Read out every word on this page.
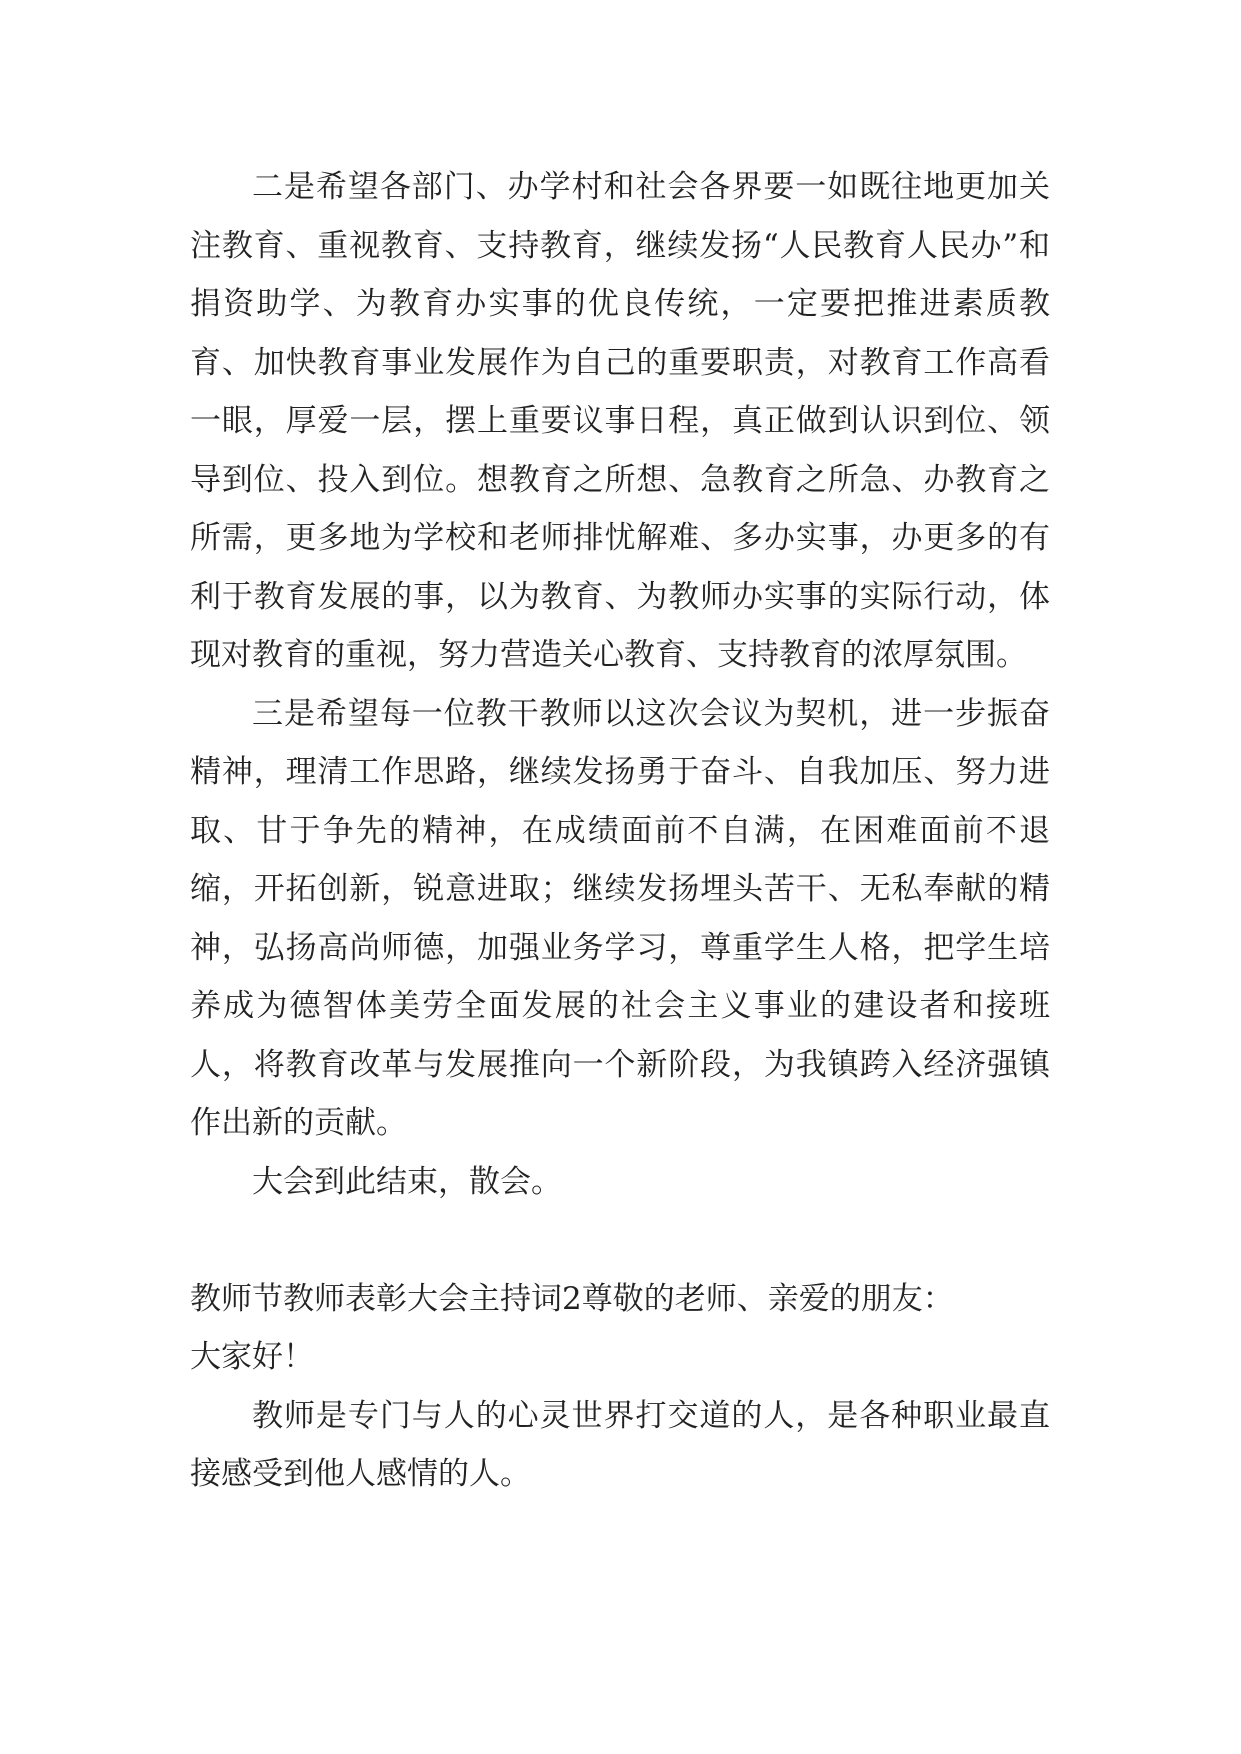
二是希望各部门、办学村和社会各界要一如既往地更加关注教育、重视教育、支持教育，继续发扬“人民教育人民办”和捐资助学、为教育办实事的优良传统，一定要把推进素质教育、加快教育事业发展作为自己的重要职责，对教育工作高看一眼，厚爱一层，摆上重要议事日程，真正做到认识到位、领导到位、投入到位。想教育之所想、急教育之所急、办教育之所需，更多地为学校和老师排忧解难、多办实事，办更多的有利于教育发展的事，以为教育、为教师办实事的实际行动，体现对教育的重视，努力营造关心教育、支持教育的浓厚氛围。

三是希望每一位教干教师以这次会议为契机，进一步振奋精神，理清工作思路，继续发扬勇于奋斗、自我加压、努力进取、甘于争先的精神，在成绩面前不自满，在困难面前不退缩，开拓创新，锐意进取；继续发扬埋头苦干、无私奉献的精神，弘扬高尚师德，加强业务学习，尊重学生人格，把学生培养成为德智体美劳全面发展的社会主义事业的建设者和接班人，将教育改革与发展推向一个新阶段，为我镇跨入经济强镇作出新的贡献。

大会到此结束，散会。

教师节教师表彰大会主持词2尊敬的老师、亲爱的朋友：

大家好！

教师是专门与人的心灵世界打交道的人，是各种职业最直接感受到他人感情的人。
